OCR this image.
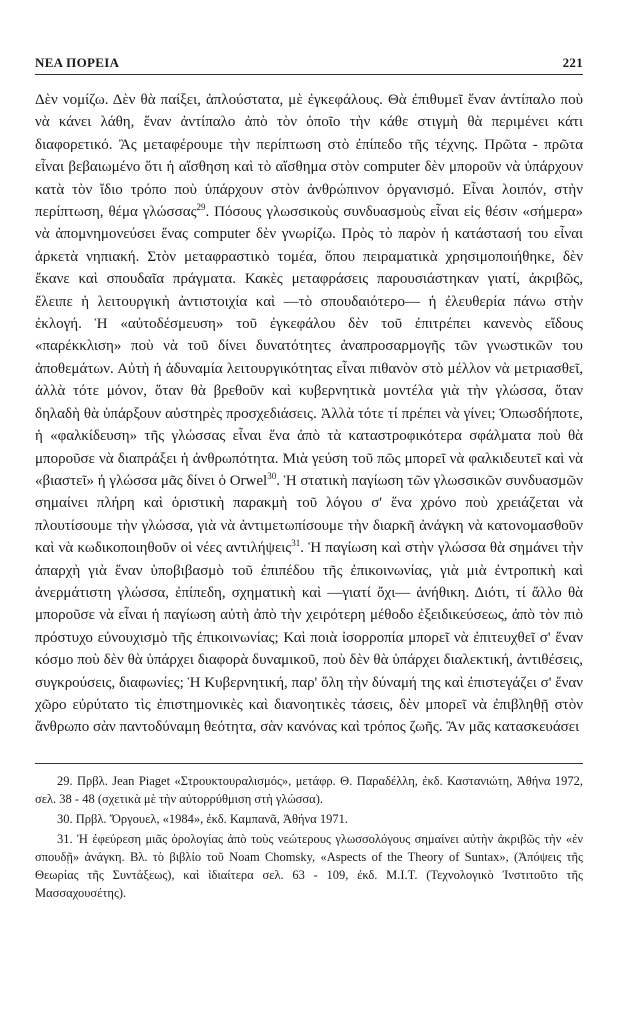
ΝΕΑ ΠΟΡΕΙΑ	221

Δὲν νομίζω. Δὲν θὰ παίξει, ἁπλούστατα, μὲ ἐγκεφάλους. Θὰ ἐπιθυμεῖ ἕναν ἀντίπαλο ποὺ νὰ κάνει λάθη, ἕναν ἀντίπαλο ἀπὸ τὸν ὁποῖο τὴν κάθε στιγμὴ θὰ περιμένει κάτι διαφορετικό. Ἂς μεταφέρουμε τὴν περίπτωση στὸ ἐπίπεδο τῆς τέχνης. Πρῶτα - πρῶτα εἶναι βεβαιωμένο ὅτι ἡ αἴσθηση καὶ τὸ αἴσθημα στὸν computer δὲν μποροῦν νὰ ὑπάρχουν κατὰ τὸν ἴδιο τρόπο ποὺ ὑπάρχουν στὸν ἀνθρώπινον ὀργανισμό. Εἶναι λοιπόν, στὴν περίπτωση, θέμα γλώσσας$^{29}$. Πόσους γλωσσικοὺς συνδυασμοὺς εἶναι εἰς θέσιν «σήμερα» νὰ ἀπομνημονεύσει ἕνας computer δὲν γνωρίζω. Πρὸς τὸ παρὸν ἡ κατάστασή του εἶναι ἀρκετὰ νηπιακή. Στὸν μεταφραστικὸ τομέα, ὅπου πειραματικὰ χρησιμοποιήθηκε, δὲν ἔκανε καὶ σπουδαῖα πράγματα. Κακὲς μεταφράσεις παρουσιάστηκαν γιατί, ἀκριβῶς, ἔλειπε ἡ λειτουργικὴ ἀντιστοιχία καὶ —τὸ σπουδαιότερο— ἡ ἐλευθερία πάνω στὴν ἐκλογή. Ἡ «αὐτοδέσμευση» τοῦ ἐγκεφάλου δὲν τοῦ ἐπιτρέπει κανενὸς εἴδους «παρέκκλιση» ποὺ νὰ τοῦ δίνει δυνατότητες ἀναπροσαρμογῆς τῶν γνωστικῶν του ἀποθεμάτων. Αὐτὴ ἡ ἀδυναμία λειτουργικότητας εἶναι πιθανὸν στὸ μέλλον νὰ μετριασθεῖ, ἀλλὰ τότε μόνον, ὅταν θὰ βρεθοῦν καὶ κυβερνητικὰ μοντέλα γιὰ τὴν γλώσσα, ὅταν δηλαδὴ θὰ ὑπάρξουν αὐστηρὲς προσχεδιάσεις. Ἀλλὰ τότε τί πρέπει νὰ γίνει; Ὁπωσδήποτε, ἡ «φαλκίδευση» τῆς γλώσσας εἶναι ἕνα ἀπὸ τὰ καταστροφικότερα σφάλματα ποὺ θὰ μποροῦσε νὰ διαπράξει ἡ ἀνθρωπότητα. Μιὰ γεύση τοῦ πῶς μπορεῖ νὰ φαλκιδευτεῖ καὶ νὰ «βιαστεῖ» ἡ γλώσσα μᾶς δίνει ὁ Orwel$^{30}$. Ἡ στατικὴ παγίωση τῶν γλωσσικῶν συνδυασμῶν σημαίνει πλήρη καὶ ὁριστικὴ παρακμὴ τοῦ λόγου σ' ἕνα χρόνο ποὺ χρειάζεται νὰ πλουτίσουμε τὴν γλώσσα, γιὰ νὰ ἀντιμετωπίσουμε τὴν διαρκῆ ἀνάγκη νὰ κατονομασθοῦν καὶ νὰ κωδικοποιηθοῦν οἱ νέες αντιλήψεις$^{31}$. Ἡ παγίωση καὶ στὴν γλώσσα θὰ σημάνει τὴν ἀπαρχὴ γιὰ ἕναν ὑποβιβασμὸ τοῦ ἐπιπέδου τῆς ἐπικοινωνίας, γιὰ μιὰ ἐντροπικὴ καὶ ἀνερμάτιστη γλώσσα, ἐπίπεδη, σχηματικὴ καὶ —γιατί ὄχι— ἀνήθικη. Διότι, τί ἄλλο θὰ μποροῦσε νὰ εἶναι ἡ παγίωση αὐτὴ ἀπὸ τὴν χειρότερη μέθοδο ἐξειδικεύσεως, ἀπὸ τὸν πιὸ πρόστυχο εὐνουχισμὸ τῆς ἐπικοινωνίας; Καὶ ποιὰ ἰσορροπία μπορεῖ νὰ ἐπιτευχθεῖ σ' ἕναν κόσμο ποὺ δὲν θὰ ὑπάρχει διαφορὰ δυναμικοῦ, ποὺ δὲν θὰ ὑπάρχει διαλεκτική, ἀντιθέσεις, συγκρούσεις, διαφωνίες; Ἡ Κυβερνητική, παρ' ὅλη τὴν δύναμή της καὶ ἐπιστεγάζει σ' ἕναν χῶρο εὐρύτατο τὶς ἐπιστημονικὲς καὶ διανοητικὲς τάσεις, δὲν μπορεῖ νὰ ἐπιβληθῇ στὸν ἄνθρωπο σὰν παντοδύναμη θεότητα, σὰν κανόνας καὶ τρόπος ζωῆς. Ἂν μᾶς κατασκευάσει

29. Πρβλ. Jean Piaget «Στρουκτουραλισμός», μετάφρ. Θ. Παραδέλλη, ἐκδ. Καστανιώτη, Ἀθήνα 1972, σελ. 38 - 48 (σχετικὰ μὲ τὴν αὐτορρύθμιση στὴ γλώσσα).

30. Πρβλ. Ὄργουελ, «1984», ἐκδ. Καμπανᾶ, Ἀθήνα 1971.

31. Ἡ ἐφεύρεση μιᾶς ὁρολογίας ἀπὸ τοὺς νεώτερους γλωσσολόγους σημαίνει αὐτὴν ἀκριβῶς τὴν «ἐν σπουδῇ» ἀνάγκη. Βλ. τὸ βιβλίο τοῦ Noam Chomsky, «Aspects of the Theory of Suntax», (Ἀπόψεις τῆς Θεωρίας τῆς Συντάξεως), καὶ ἰδιαίτερα σελ. 63 - 109, ἐκδ. M.I.T. (Τεχνολογικὸ Ἰνστιτοῦτο τῆς Μασσαχουσέτης).
